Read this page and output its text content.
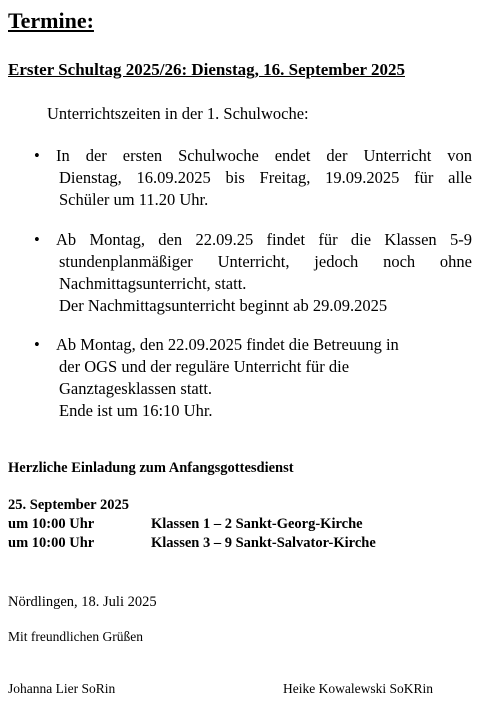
Termine:
Erster Schultag 2025/26: Dienstag, 16. September 2025
Unterrichtszeiten in der 1. Schulwoche:
• In der ersten Schulwoche endet der Unterricht von
Dienstag, 16.09.2025 bis Freitag, 19.09.2025 für alle
Schüler um 11.20 Uhr.
• Ab Montag, den 22.09.25 findet für die Klassen 5-9
stundenplanmäßiger Unterricht, jedoch noch ohne
Nachmittagsunterricht, statt.
Der Nachmittagsunterricht beginnt ab 29.09.2025
• Ab Montag, den 22.09.2025 findet die Betreuung in
der OGS und der reguläre Unterricht für die
Ganztagesklassen statt.
Ende ist um 16:10 Uhr.
Herzliche Einladung zum Anfangsgottesdienst
25. September 2025
um 10:00 Uhr	Klassen 1 – 2 Sankt-Georg-Kirche
um 10:00 Uhr	Klassen 3 – 9 Sankt-Salvator-Kirche
Nördlingen, 18. Juli 2025
Mit freundlichen Grüßen
Johanna Lier SoRin	Heike Kowalewski SoKRin
